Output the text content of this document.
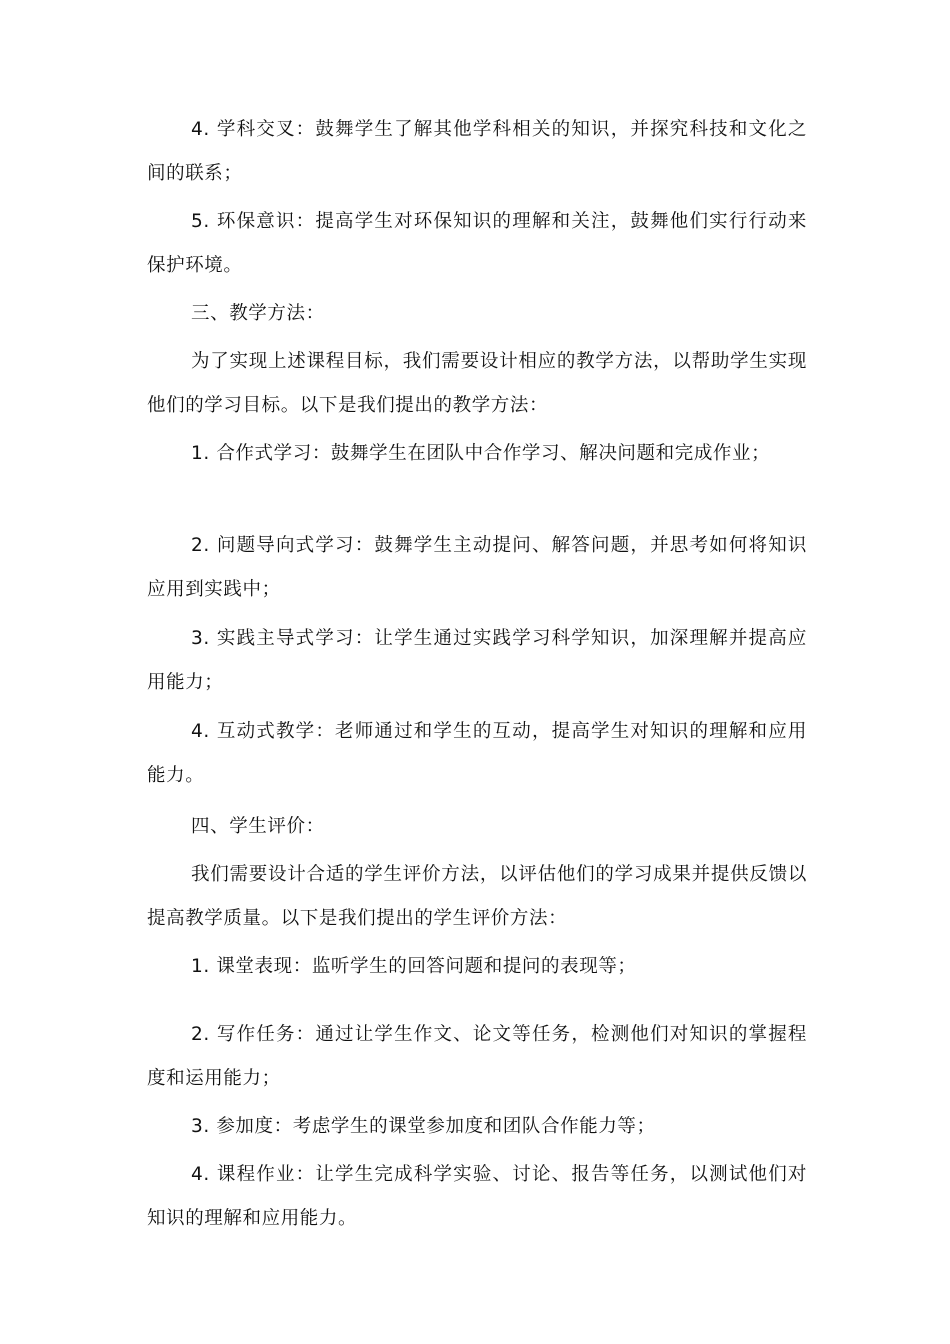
4. 学科交叉：鼓舞学生了解其他学科相关的知识，并探究科技和文化之间的联系；

5. 环保意识：提高学生对环保知识的理解和关注，鼓舞他们实行行动来保护环境。

三、教学方法：

为了实现上述课程目标，我们需要设计相应的教学方法，以帮助学生实现他们的学习目标。以下是我们提出的教学方法：

1. 合作式学习：鼓舞学生在团队中合作学习、解决问题和完成作业；

2. 问题导向式学习：鼓舞学生主动提问、解答问题，并思考如何将知识应用到实践中；

3. 实践主导式学习：让学生通过实践学习科学知识，加深理解并提高应用能力；

4. 互动式教学：老师通过和学生的互动，提高学生对知识的理解和应用能力。

四、学生评价：

我们需要设计合适的学生评价方法，以评估他们的学习成果并提供反馈以提高教学质量。以下是我们提出的学生评价方法：

1. 课堂表现：监听学生的回答问题和提问的表现等；

2. 写作任务：通过让学生作文、论文等任务，检测他们对知识的掌握程度和运用能力；

3. 参加度：考虑学生的课堂参加度和团队合作能力等；

4. 课程作业：让学生完成科学实验、讨论、报告等任务，以测试他们对知识的理解和应用能力。
